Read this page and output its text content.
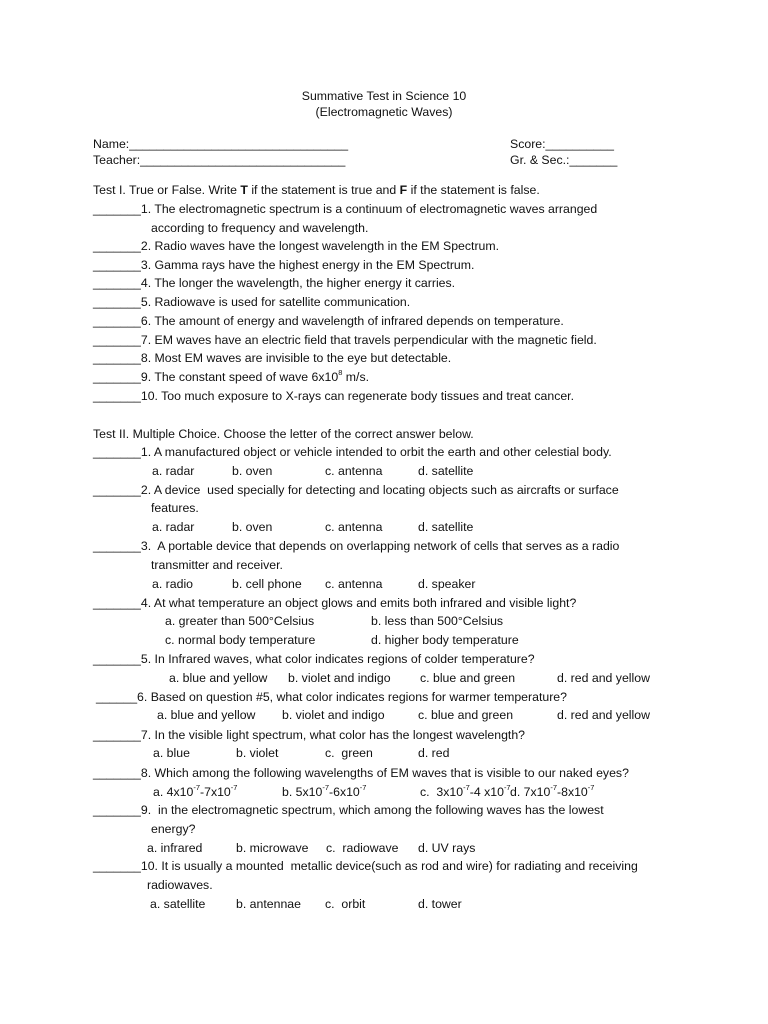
Summative Test in Science 10
(Electromagnetic Waves)
Name:________________________________	Score:__________
Teacher:______________________________	Gr. & Sec.:_______
Test I. True or False. Write T if the statement is true and F if the statement is false.
_______1. The electromagnetic spectrum is a continuum of electromagnetic waves arranged
according to frequency and wavelength.
_______2. Radio waves have the longest wavelength in the EM Spectrum.
_______3. Gamma rays have the highest energy in the EM Spectrum.
_______4. The longer the wavelength, the higher energy it carries.
_______5. Radiowave is used for satellite communication.
_______6. The amount of energy and wavelength of infrared depends on temperature.
_______7. EM waves have an electric field that travels perpendicular with the magnetic field.
_______8. Most EM waves are invisible to the eye but detectable.
_______9. The constant speed of wave $6x10^8$ m/s.
_______10. Too much exposure to X-rays can regenerate body tissues and treat cancer.
Test II. Multiple Choice. Choose the letter of the correct answer below.
_______1. A manufactured object or vehicle intended to orbit the earth and other celestial body.
a. radar	b. oven	c. antenna	d. satellite
_______2. A device  used specially for detecting and locating objects such as aircrafts or surface
features.
a. radar	b. oven	c. antenna	d. satellite
_______3.  A portable device that depends on overlapping network of cells that serves as a radio
transmitter and receiver.
a. radio	b. cell phone c. antenna	d. speaker
_______4. At what temperature an object glows and emits both infrared and visible light?
a. greater than 500°Celsius	b. less than 500°Celsius
c. normal body temperature	d. higher body temperature
_______5. In Infrared waves, what color indicates regions of colder temperature?
a. blue and yellow b. violet and indigo c. blue and green	d. red and yellow
______6. Based on question #5, what color indicates regions for warmer temperature?
a. blue and yellow b. violet and indigo	c. blue and green	d. red and yellow
_______7. In the visible light spectrum, what color has the longest wavelength?
a. blue	b. violet	c.  green	d. red
_______8. Which among the following wavelengths of EM waves that is visible to our naked eyes?
a. $4x10^{-7}-7x10^{-7}$	b. $5x10^{-7}-6x10^{-7}$	c.  $3x10^{-7}-4$ $x10^{-7}$ d. $7x10^{-7}-8x10^{-7}$
_______9.  in the electromagnetic spectrum, which among the following waves has the lowest
energy?
a. infrared	b. microwave c.  radiowave d. UV rays
_______10. It is usually a mounted  metallic device(such as rod and wire) for radiating and receiving
radiowaves.
a. satellite b. antennae c.  orbit	d. tower
